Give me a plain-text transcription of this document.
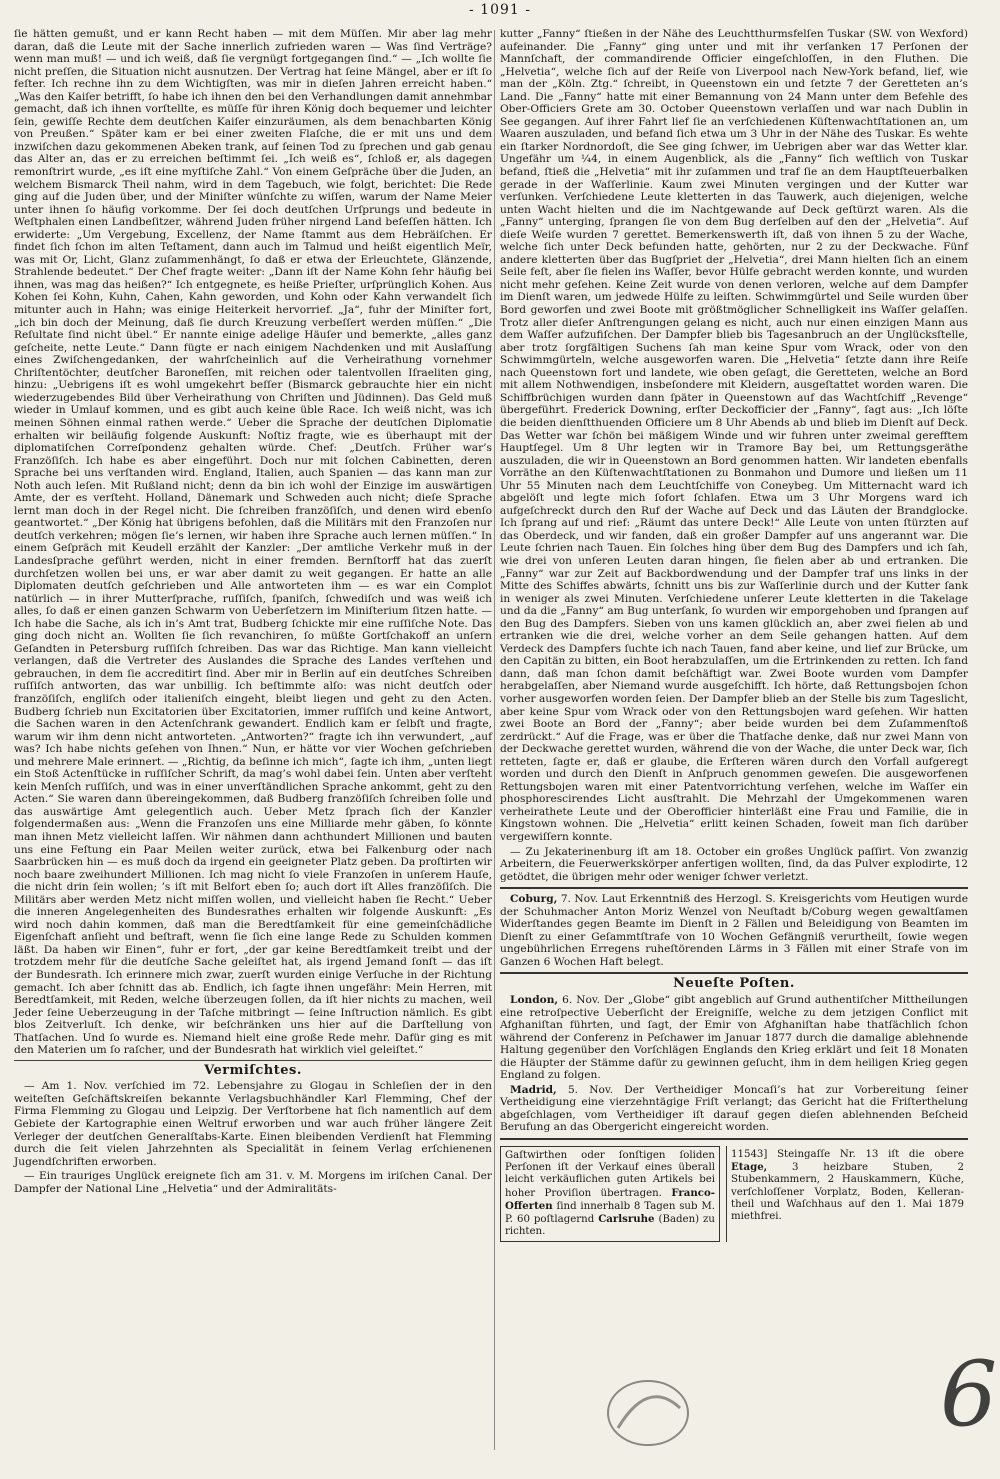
- 1091 -

ſie hätten gemußt, und er kann Recht haben — mit dem Müſſen. Mir aber lag mehr daran, daß die Leute mit der Sache innerlich zufrieden waren — Was ſind Verträge? wenn man muß! — und ich weiß, daß ſie vergnügt fortgegangen ſind.“ — „Ich wollte ſie nicht preſſen, die Situation nicht ausnutzen. Der Vertrag hat ſeine Mängel, aber er iſt ſo feſter. Ich rechne ihn zu dem Wichtigſten, was mir in dieſen Jahren erreicht haben.“ „Was den Kaiſer betrifft, ſo habe ich ihnen den bei den Verhandlungen damit annehmbar gemacht, daß ich ihnen vorſtellte, es müſſe für ihren König doch bequemer und leichter ſein, gewiſſe Rechte dem deutſchen Kaiſer einzuräumen, als dem benachbarten König von Preußen.“ Später kam er bei einer zweiten Flaſche, die er mit uns und dem inzwiſchen dazu gekommenen Abeken trank, auf ſeinen Tod zu ſprechen und gab genau das Alter an, das er zu erreichen beſtimmt ſei. „Ich weiß es“, ſchloß er, als dagegen remonſtrirt wurde, „es iſt eine myſtiſche Zahl.“ Von einem Geſpräche über die Juden, an welchem Bismarck Theil nahm, wird in dem Tagebuch, wie folgt, berichtet: Die Rede ging auf die Juden über, und der Miniſter wünſchte zu wiſſen, warum der Name Meier unter ihnen ſo häufig vorkomme. Der ſei doch deutſchen Urſprungs und bedeute in Weſtphalen einen Landbeſitzer, während Juden früher nirgend Land beſeſſen hätten. Ich erwiderte: „Um Vergebung, Excellenz, der Name ſtammt aus dem Hebräiſchen. Er findet ſich ſchon im alten Teſtament, dann auch im Talmud und heißt eigentlich Meïr, was mit Or, Licht, Glanz zuſammenhängt, ſo daß er etwa der Erleuchtete, Glänzende, Strahlende bedeutet.“ Der Chef fragte weiter: „Dann iſt der Name Kohn ſehr häufig bei ihnen, was mag das heißen?“ Ich entgegnete, es heiße Prieſter, urſprünglich Kohen. Aus Kohen ſei Kohn, Kuhn, Cahen, Kahn geworden, und Kohn oder Kahn verwandelt ſich mitunter auch in Hahn; was einige Heiterkeit hervorrief. „Ja“, fuhr der Miniſter fort, „ich bin doch der Meinung, daß ſie durch Kreuzung verbeſſert werden müſſen.“ „Die Reſultate ſind nicht übel.“ Er nannte einige adelige Häuſer und bemerkte, „alles ganz geſcheite, nette Leute.“ Dann fügte er nach einigem Nachdenken und mit Auslaſſung eines Zwiſchengedanken, der wahrſcheinlich auf die Verheirathung vornehmer Chriſtentöchter, deutſcher Baroneſſen, mit reichen oder talentvollen Iſraeliten ging, hinzu: „Uebrigens iſt es wohl umgekehrt beſſer (Bismarck gebrauchte hier ein nicht wiederzugebendes Bild über Verheirathung von Chriſten und Jüdinnen). Das Geld muß wieder in Umlauf kommen, und es gibt auch keine üble Race. Ich weiß nicht, was ich meinen Söhnen einmal rathen werde.“ Ueber die Sprache der deutſchen Diplomatie erhalten wir beiläufig folgende Auskunft: Noſtiz fragte, wie es überhaupt mit der diplomatiſchen Correſpondenz gehalten würde. Chef: „Deutſch. Früher war’s Franzöſiſch. Ich habe es aber eingeführt. Doch nur mit ſolchen Cabinetten, deren Sprache bei uns verſtanden wird. England, Italien, auch Spanien — das kann man zur Noth auch leſen. Mit Rußland nicht; denn da bin ich wohl der Einzige im auswärtigen Amte, der es verſteht. Holland, Dänemark und Schweden auch nicht; dieſe Sprache lernt man doch in der Regel nicht. Die ſchreiben franzöſiſch, und denen wird ebenſo geantwortet.“ „Der König hat übrigens befohlen, daß die Militärs mit den Franzoſen nur deutſch verkehren; mögen ſie’s lernen, wir haben ihre Sprache auch lernen müſſen.“ In einem Geſpräch mit Keudell erzählt der Kanzler: „Der amtliche Verkehr muß in der Landesſprache geführt werden, nicht in einer fremden. Bernſtorff hat das zuerſt durchſetzen wollen bei uns, er war aber damit zu weit gegangen. Er hatte an alle Diplomaten deutſch geſchrieben und Alle antworteten ihm — es war ein Complot natürlich — in ihrer Mutterſprache, ruſſiſch, ſpaniſch, ſchwediſch und was weiß ich alles, ſo daß er einen ganzen Schwarm von Ueberſetzern im Miniſterium ſitzen hatte. — Ich habe die Sache, als ich in’s Amt trat, Budberg ſchickte mir eine ruſſiſche Note. Das ging doch nicht an. Wollten ſie ſich revanchiren, ſo müßte Gortſchakoff an unſern Geſandten in Petersburg ruſſiſch ſchreiben. Das war das Richtige. Man kann vielleicht verlangen, daß die Vertreter des Auslandes die Sprache des Landes verſtehen und gebrauchen, in dem ſie accreditirt ſind. Aber mir in Berlin auf ein deutſches Schreiben ruſſiſch antworten, das war unbillig. Ich beſtimmte alſo: was nicht deutſch oder franzöſiſch, engliſch oder italieniſch eingeht, bleibt liegen und geht zu den Acten. Budberg ſchrieb nun Excitatorien über Excitatorien, immer ruſſiſch und keine Antwort, die Sachen waren in den Actenſchrank gewandert. Endlich kam er ſelbſt und fragte, warum wir ihm denn nicht antworteten. „Antworten?“ fragte ich ihn verwundert, „auf was? Ich habe nichts geſehen von Ihnen.“ Nun, er hätte vor vier Wochen geſchrieben und mehrere Male erinnert. — „Richtig, da beſinne ich mich“, ſagte ich ihm, „unten liegt ein Stoß Actenſtücke in ruſſiſcher Schrift, da mag’s wohl dabei ſein. Unten aber verſteht kein Menſch ruſſiſch, und was in einer unverſtändlichen Sprache ankommt, geht zu den Acten.“ Sie waren dann übereingekommen, daß Budberg franzöſiſch ſchreiben ſolle und das auswärtige Amt gelegentlich auch. Ueber Metz ſprach ſich der Kanzler folgendermaßen aus: „Wenn die Franzoſen uns eine Milliarde mehr gäben, ſo könnte man ihnen Metz vielleicht laſſen. Wir nähmen dann achthundert Millionen und bauten uns eine Feſtung ein Paar Meilen weiter zurück, etwa bei Falkenburg oder nach Saarbrücken hin — es muß doch da irgend ein geeigneter Platz geben. Da proſtirten wir noch baare zweihundert Millionen. Ich mag nicht ſo viele Franzoſen in unſerem Hauſe, die nicht drin ſein wollen; ’s iſt mit Belfort eben ſo; auch dort iſt Alles franzöſiſch. Die Militärs aber werden Metz nicht miſſen wollen, und vielleicht haben ſie Recht.“ Ueber die inneren Angelegenheiten des Bundesrathes erhalten wir folgende Auskunft: „Es wird noch dahin kommen, daß man die Beredtſamkeit für eine gemeinſchädliche Eigenſchaft anſieht und beſtraft, wenn ſie ſich eine lange Rede zu Schulden kommen läßt. Da haben wir Einen“, fuhr er fort, „der gar keine Beredtſamkeit treibt und der trotzdem mehr für die deutſche Sache geleiſtet hat, als irgend Jemand ſonſt — das iſt der Bundesrath. Ich erinnere mich zwar, zuerſt wurden einige Verſuche in der Richtung gemacht. Ich aber ſchnitt das ab. Endlich, ich ſagte ihnen ungefähr: Mein Herren, mit Beredtſamkeit, mit Reden, welche überzeugen ſollen, da iſt hier nichts zu machen, weil Jeder ſeine Ueberzeugung in der Taſche mitbringt — ſeine Inſtruction nämlich. Es gibt blos Zeitverluſt. Ich denke, wir beſchränken uns hier auf die Darſtellung von Thatſachen. Und ſo wurde es. Niemand hielt eine große Rede mehr. Dafür ging es mit den Materien um ſo raſcher, und der Bundesrath hat wirklich viel geleiſtet.“

Vermiſchtes.

— Am 1. Nov. verſchied im 72. Lebensjahre zu Glogau in Schleſien der in den weiteſten Geſchäftskreiſen bekannte Verlagsbuchhändler Karl Flemming, Chef der Firma Flemming zu Glogau und Leipzig. Der Verſtorbene hat ſich namentlich auf dem Gebiete der Kartographie einen Weltruf erworben und war auch früher längere Zeit Verleger der deutſchen Generalſtabs-Karte. Einen bleibenden Verdienſt hat Flemming durch die ſeit vielen Jahrzehnten als Specialität in ſeinem Verlag erſchienenen Jugendſchriften erworben.

— Ein trauriges Unglück ereignete ſich am 31. v. M. Morgens im iriſchen Canal. Der Dampfer der National Line „Helvetia“ und der Admiralitäts-

kutter „Fanny“ ſtießen in der Nähe des Leuchtthurmsfelſen Tuskar (SW. von Wexford) aufeinander. Die „Fanny“ ging unter und mit ihr verſanken 17 Perſonen der Mannſchaft, der commandirende Officier eingeſchloſſen, in den Fluthen. Die „Helvetia“, welche ſich auf der Reiſe von Liverpool nach New-York befand, lief, wie man der „Köln. Ztg.“ ſchreibt, in Queenstown ein und ſetzte 7 der Geretteten an’s Land. Die „Fanny“ hatte mit einer Bemannung von 24 Mann unter dem Befehle des Ober-Officiers Grete am 30. October Queenstown verlaſſen und war nach Dublin in See gegangen. Auf ihrer Fahrt lief ſie an verſchiedenen Küſtenwachtſtationen an, um Waaren auszuladen, und befand ſich etwa um 3 Uhr in der Nähe des Tuskar. Es wehte ein ſtarker Nordnordoſt, die See ging ſchwer, im Uebrigen aber war das Wetter klar. Ungefähr um ¼4, in einem Augenblick, als die „Fanny“ ſich weſtlich von Tuskar befand, ſtieß die „Helvetia“ mit ihr zuſammen und traf ſie an dem Hauptſteuerbalken gerade in der Waſſerlinie. Kaum zwei Minuten vergingen und der Kutter war verſunken. Verſchiedene Leute kletterten in das Tauwerk, auch diejenigen, welche unten Wacht hielten und die im Nachtgewande auf Deck geſtürzt waren. Als die „Fanny“ unterging, ſprangen ſie von dem Bug derſelben auf den der „Helvetia“. Auf dieſe Weiſe wurden 7 gerettet. Bemerkenswerth iſt, daß von ihnen 5 zu der Wache, welche ſich unter Deck befunden hatte, gehörten, nur 2 zu der Deckwache. Fünf andere kletterten über das Bugſpriet der „Helvetia“, drei Mann hielten ſich an einem Seile feſt, aber ſie fielen ins Waſſer, bevor Hülfe gebracht werden konnte, und wurden nicht mehr geſehen. Keine Zeit wurde von denen verloren, welche auf dem Dampfer im Dienſt waren, um jedwede Hülfe zu leiſten. Schwimmgürtel und Seile wurden über Bord geworfen und zwei Boote mit größtmöglicher Schnelligkeit ins Waſſer gelaſſen. Trotz aller dieſer Anſtrengungen gelang es nicht, auch nur einen einzigen Mann aus dem Waſſer aufzufiſchen. Der Dampfer blieb bis Tagesanbruch an der Unglücksſtelle, aber trotz ſorgfältigen Suchens ſah man keine Spur vom Wrack, oder von den Schwimmgürteln, welche ausgeworfen waren. Die „Helvetia“ ſetzte dann ihre Reiſe nach Queenstown fort und landete, wie oben geſagt, die Geretteten, welche an Bord mit allem Nothwendigen, insbeſondere mit Kleidern, ausgeſtattet worden waren. Die Schiffbrüchigen wurden dann ſpäter in Queenstown auf das Wachtſchiff „Revenge“ übergeführt. Frederick Downing, erſter Deckofficier der „Fanny“, ſagt aus: „Ich löſte die beiden dienſtthuenden Officiere um 8 Uhr Abends ab und blieb im Dienſt auf Deck. Das Wetter war ſchön bei mäßigem Winde und wir fuhren unter zweimal gerefftem Hauptſegel. Um 8 Uhr legten wir in Tramore Bay bei, um Rettungsgeräthe auszuladen, die wir in Queenstown an Bord genommen hatten. Wir landeten ebenfalls Vorräthe an den Küſtenwachtſtationen zu Bonmahon und Dumore und ließen um 11 Uhr 55 Minuten nach dem Leuchtſchiffe von Coneybeg. Um Mitternacht ward ich abgelöſt und legte mich ſofort ſchlafen. Etwa um 3 Uhr Morgens ward ich aufgeſchreckt durch den Ruf der Wache auf Deck und das Läuten der Brandglocke. Ich ſprang auf und rief: „Räumt das untere Deck!“ Alle Leute von unten ſtürzten auf das Oberdeck, und wir fanden, daß ein großer Dampfer auf uns angerannt war. Die Leute ſchrien nach Tauen. Ein ſolches hing über dem Bug des Dampfers und ich ſah, wie drei von unſeren Leuten daran hingen, ſie fielen aber ab und ertranken. Die „Fanny“ war zur Zeit auf Backbordwendung und der Dampfer traf uns links in der Mitte des Schiffes abwärts, ſchnitt uns bis zur Waſſerlinie durch und der Kutter ſank in weniger als zwei Minuten. Verſchiedene unſerer Leute kletterten in die Takelage und da die „Fanny“ am Bug unterſank, ſo wurden wir emporgehoben und ſprangen auf den Bug des Dampfers. Sieben von uns kamen glücklich an, aber zwei fielen ab und ertranken wie die drei, welche vorher an dem Seile gehangen hatten. Auf dem Verdeck des Dampfers ſuchte ich nach Tauen, fand aber keine, und lief zur Brücke, um den Capitän zu bitten, ein Boot herabzulaſſen, um die Ertrinkenden zu retten. Ich fand dann, daß man ſchon damit beſchäftigt war. Zwei Boote wurden vom Dampfer herabgelaſſen, aber Niemand wurde ausgeſchifft. Ich hörte, daß Rettungsbojen ſchon vorher ausgeworfen worden ſeien. Der Dampfer blieb an der Stelle bis zum Tageslicht, aber keine Spur vom Wrack oder von den Rettungsbojen ward geſehen. Wir hatten zwei Boote an Bord der „Fanny“; aber beide wurden bei dem Zuſammenſtoß zerdrückt.“ Auf die Frage, was er über die Thatſache denke, daß nur zwei Mann von der Deckwache gerettet wurden, während die von der Wache, die unter Deck war, ſich retteten, ſagte er, daß er glaube, die Erſteren wären durch den Vorfall aufgeregt worden und durch den Dienſt in Anſpruch genommen geweſen. Die ausgeworfenen Rettungsbojen waren mit einer Patentvorrichtung verſehen, welche im Waſſer ein phosphorescirendes Licht ausſtrahlt. Die Mehrzahl der Umgekommenen waren verheirathete Leute und der Oberofficier hinterläßt eine Frau und Familie, die in Kingstown wohnen. Die „Helvetia“ erlitt keinen Schaden, ſoweit man ſich darüber vergewiſſern konnte.

— Zu Jekaterinenburg iſt am 18. October ein großes Unglück paſſirt. Von zwanzig Arbeitern, die Feuerwerkskörper anfertigen wollten, ſind, da das Pulver explodirte, 12 getödtet, die übrigen mehr oder weniger ſchwer verletzt.

Coburg, 7. Nov. Laut Erkenntniß des Herzogl. S. Kreisgerichts vom Heutigen wurde der Schuhmacher Anton Moriz Wenzel von Neuſtadt b/Coburg wegen gewaltſamen Widerſtandes gegen Beamte im Dienſt in 2 Fällen und Beleidigung von Beamten im Dienſt zu einer Geſammtſtrafe von 10 Wochen Gefängniß verurtheilt, ſowie wegen ungebührlichen Erregens ruheſtörenden Lärms in 3 Fällen mit einer Strafe von im Ganzen 6 Wochen Haft belegt.

Neueſte Poſten.

London, 6. Nov. Der „Globe“ gibt angeblich auf Grund authentiſcher Mittheilungen eine retroſpective Ueberſicht der Ereigniſſe, welche zu dem jetzigen Conflict mit Afghaniſtan führten, und ſagt, der Emir von Afghaniſtan habe thatſächlich ſchon während der Conferenz in Peſchawer im Januar 1877 durch die damalige ablehnende Haltung gegenüber den Vorſchlägen Englands den Krieg erklärt und ſeit 18 Monaten die Häupter der Stämme dafür zu gewinnen geſucht, ihm in dem heiligen Krieg gegen England zu folgen.

Madrid, 5. Nov. Der Vertheidiger Moncaſi’s hat zur Vorbereitung ſeiner Vertheidigung eine vierzehntägige Friſt verlangt; das Gericht hat die Friſterthelung abgeſchlagen, vom Vertheidiger iſt darauf gegen dieſen ablehnenden Beſcheid Berufung an das Obergericht eingereicht worden.

Gaſtwirthen oder ſonſtigen ſoliden Perſonen iſt der Verkauf eines überall leicht verkäuflichen guten Artikels bei hoher Proviſion übertragen. Franco-Offerten ſind innerhalb 8 Tagen sub M. P. 60 poſtlagernd Carlsruhe (Baden) zu richten.
11543] Steingaſſe Nr. 13 iſt die obere Etage, 3 heizbare Stuben, 2 Stubenkammern, 2 Hauskammern, Küche, verſchloſſener Vorplatz, Boden, Kelleran- theil und Waſchhaus auf den 1. Mai 1879 miethfrei.
6
